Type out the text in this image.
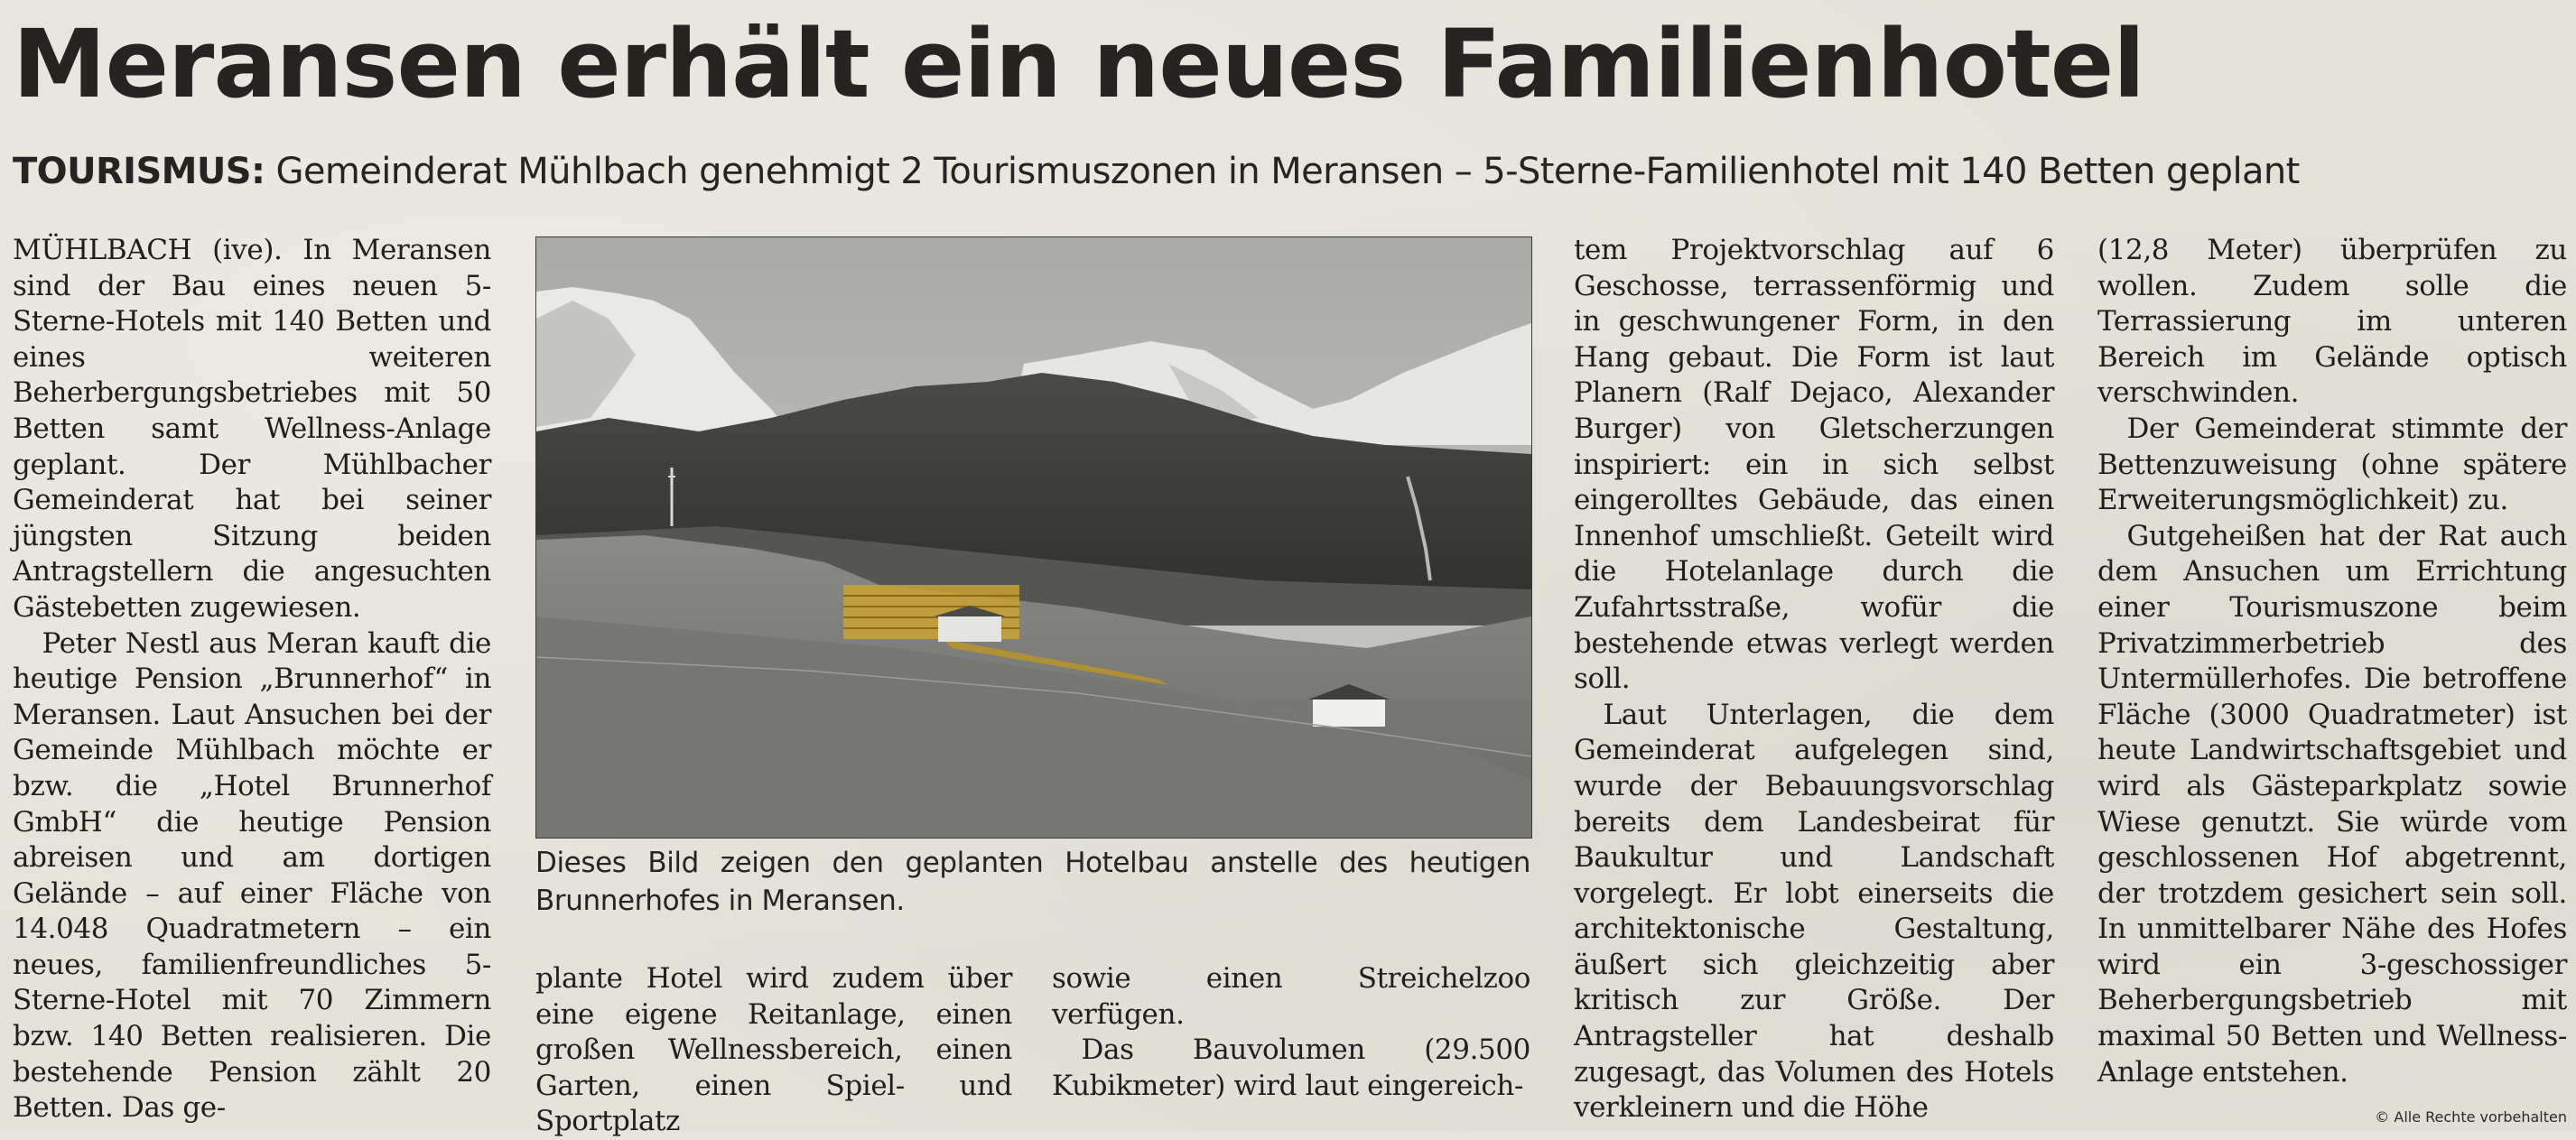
Meransen erhält ein neues Familienhotel
TOURISMUS: Gemeinderat Mühlbach genehmigt 2 Tourismuszonen in Meransen – 5-Sterne-Familienhotel mit 140 Betten geplant

MÜHLBACH (ive). In Meransen sind der Bau eines neuen 5-Sterne-Hotels mit 140 Betten und eines weiteren Beherbergungsbetriebes mit 50 Betten samt Wellness-Anlage geplant. Der Mühlbacher Gemeinderat hat bei seiner jüngsten Sitzung beiden Antragstellern die angesuchten Gästebetten zugewiesen.

Peter Nestl aus Meran kauft die heutige Pension „Brunnerhof“ in Meransen. Laut Ansuchen bei der Gemeinde Mühlbach möchte er bzw. die „Hotel Brunnerhof GmbH“ die heutige Pension abreisen und am dortigen Gelände – auf einer Fläche von 14.048 Quadratmetern – ein neues, familienfreundliches 5-Sterne-Hotel mit 70 Zimmern bzw. 140 Betten realisieren. Die bestehende Pension zählt 20 Betten. Das ge-

Dieses Bild zeigen den geplanten Hotelbau anstelle des heutigen Brunnerhofes in Meransen.

plante Hotel wird zudem über eine eigene Reitanlage, einen großen Wellnessbereich, einen Garten, einen Spiel- und Sportplatz

sowie einen Streichelzoo verfügen.

Das Bauvolumen (29.500 Kubikmeter) wird laut eingereich-

tem Projektvorschlag auf 6 Geschosse, terrassenförmig und in geschwungener Form, in den Hang gebaut. Die Form ist laut Planern (Ralf Dejaco, Alexander Burger) von Gletscherzungen inspiriert: ein in sich selbst eingerolltes Gebäude, das einen Innenhof umschließt. Geteilt wird die Hotelanlage durch die Zufahrtsstraße, wofür die bestehende etwas verlegt werden soll.

Laut Unterlagen, die dem Gemeinderat aufgelegen sind, wurde der Bebauungsvorschlag bereits dem Landesbeirat für Baukultur und Landschaft vorgelegt. Er lobt einerseits die architektonische Gestaltung, äußert sich gleichzeitig aber kritisch zur Größe. Der Antragsteller hat deshalb zugesagt, das Volumen des Hotels verkleinern und die Höhe

(12,8 Meter) überprüfen zu wollen. Zudem solle die Terrassierung im unteren Bereich im Gelände optisch verschwinden.

Der Gemeinderat stimmte der Bettenzuweisung (ohne spätere Erweiterungsmöglichkeit) zu.

Gutgeheißen hat der Rat auch dem Ansuchen um Errichtung einer Tourismuszone beim Privatzimmerbetrieb des Untermüllerhofes. Die betroffene Fläche (3000 Quadratmeter) ist heute Landwirtschaftsgebiet und wird als Gästeparkplatz sowie Wiese genutzt. Sie würde vom geschlossenen Hof abgetrennt, der trotzdem gesichert sein soll. In unmittelbarer Nähe des Hofes wird ein 3-geschossiger Beherbergungsbetrieb mit maximal 50 Betten und Wellness-Anlage entstehen.

© Alle Rechte vorbehalten
